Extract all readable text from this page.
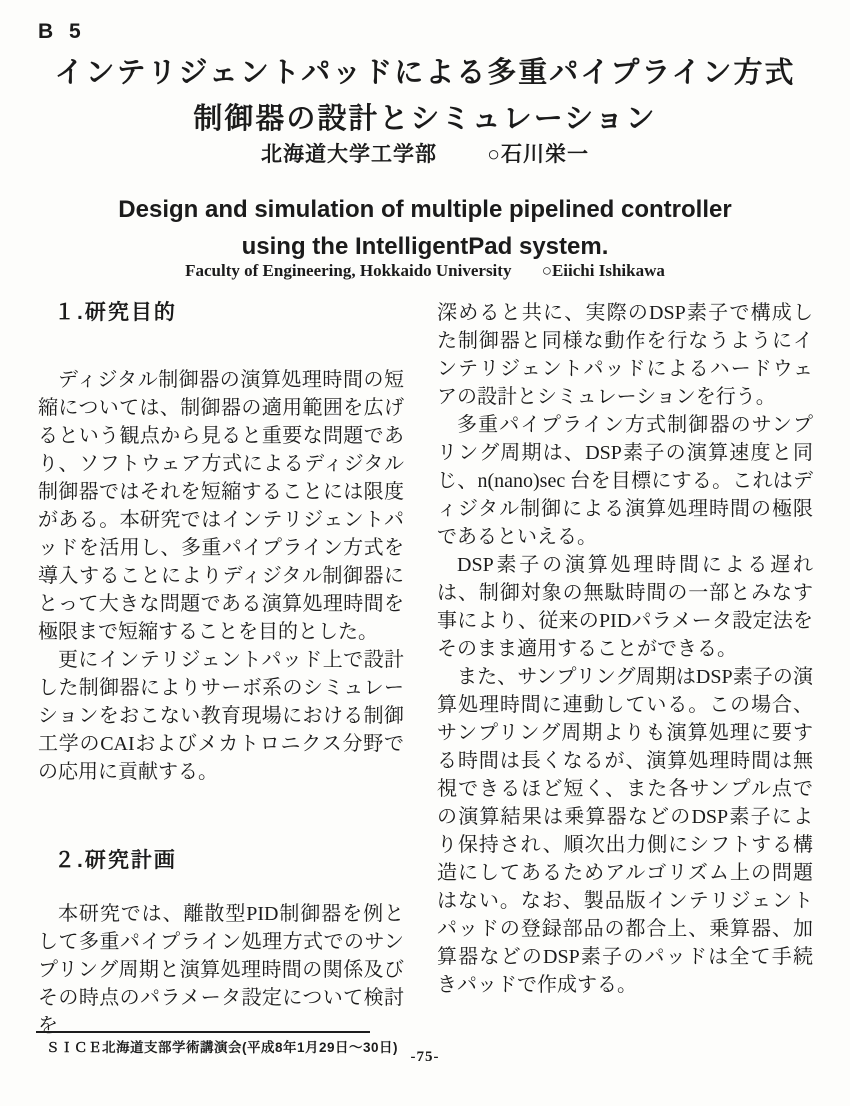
B 5
インテリジェントパッドによる多重パイプライン方式
制御器の設計とシミュレーション
北海道大学工学部 ○石川栄一
Design and simulation of multiple pipelined controller
using the IntelligentPad system.
Faculty of Engineering, Hokkaido University ○Eiichi Ishikawa
１.研究目的

ディジタル制御器の演算処理時間の短縮については、制御器の適用範囲を広げるという観点から見ると重要な問題であり、ソフトウェア方式によるディジタル制御器ではそれを短縮することには限度がある。本研究ではインテリジェントパッドを活用し、多重パイプライン方式を導入することによりディジタル制御器にとって大きな問題である演算処理時間を極限まで短縮することを目的とした。

更にインテリジェントパッド上で設計した制御器によりサーボ系のシミュレーションをおこない教育現場における制御工学のCAIおよびメカトロニクス分野での応用に貢献する。

２.研究計画

本研究では、離散型PID制御器を例として多重パイプライン処理方式でのサンプリング周期と演算処理時間の関係及びその時点のパラメータ設定について検討を

深めると共に、実際のDSP素子で構成した制御器と同様な動作を行なうようにインテリジェントパッドによるハードウェアの設計とシミュレーションを行う。

多重パイプライン方式制御器のサンプリング周期は、DSP素子の演算速度と同じ、n(nano)sec 台を目標にする。これはディジタル制御による演算処理時間の極限であるといえる。

DSP素子の演算処理時間による遅れは、制御対象の無駄時間の一部とみなす事により、従来のPIDパラメータ設定法をそのまま適用することができる。

また、サンプリング周期はDSP素子の演算処理時間に連動している。この場合、サンプリング周期よりも演算処理に要する時間は長くなるが、演算処理時間は無視できるほど短く、また各サンプル点での演算結果は乗算器などのDSP素子により保持され、順次出力側にシフトする構造にしてあるためアルゴリズム上の問題はない。なお、製品版インテリジェントパッドの登録部品の都合上、乗算器、加算器などのDSP素子のパッドは全て手続きパッドで作成する。

ＳＩＣＥ北海道支部学術講演会(平成8年1月29日～30日)
-75-
